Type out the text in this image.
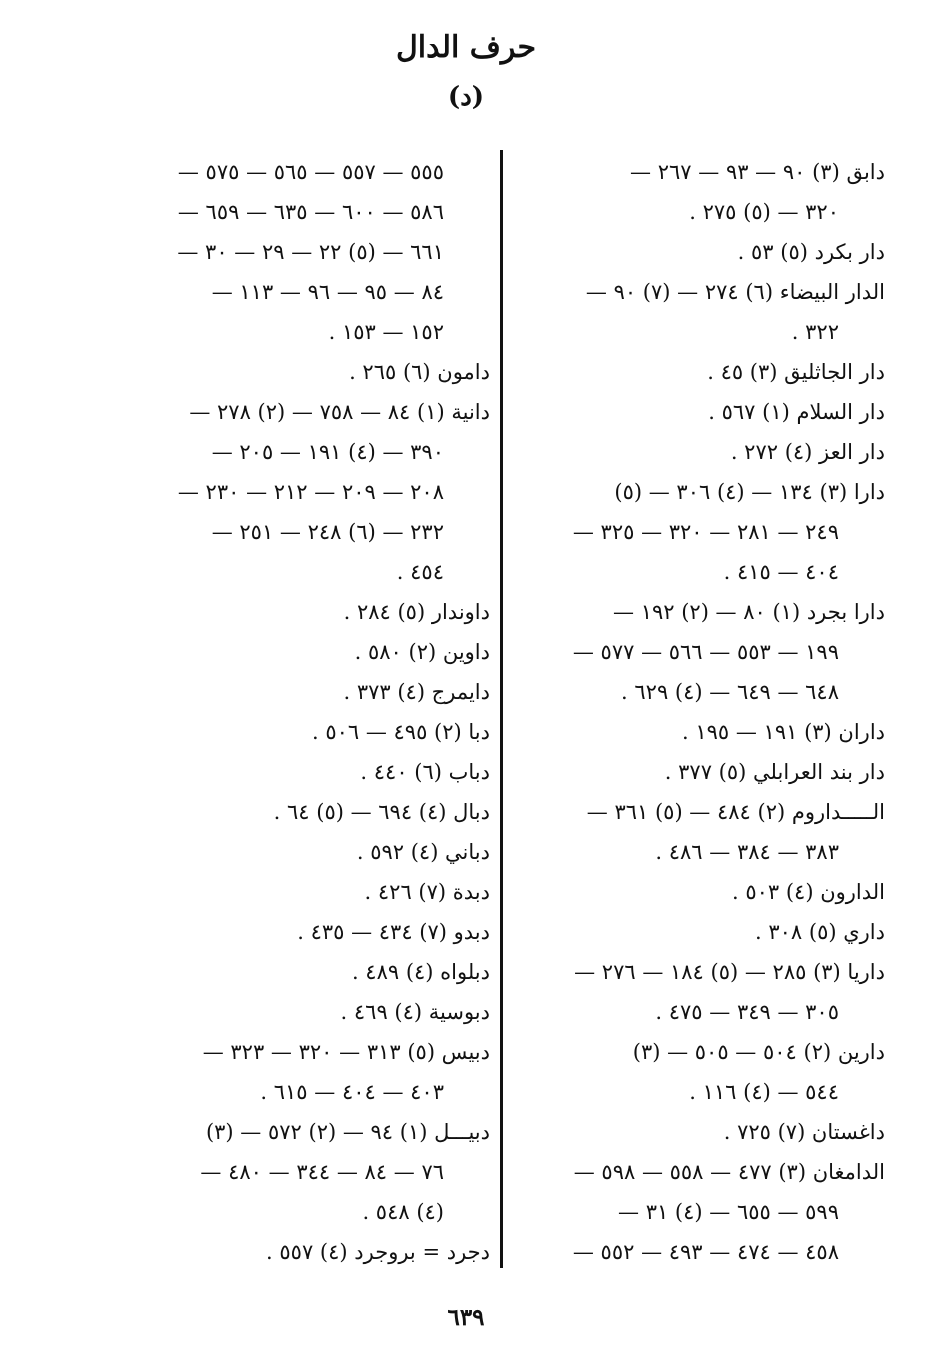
حرف الدال
(د)
دابق (٣) ٩٠ — ٩٣ — ٢٦٧ —
٣٢٠ — (٥) ٢٧٥ .
دار بكرد (٥) ٥٣ .
الدار البيضاء (٦) ٢٧٤ — (٧) ٩٠ —
٣٢٢ .
دار الجاثليق (٣) ٤٥ .
دار السلام (١) ٥٦٧ .
دار العز (٤) ٢٧٢ .
دارا (٣) ١٣٤ — (٤) ٣٠٦ — (٥)
٢٤٩ — ٢٨١ — ٣٢٠ — ٣٢٥ —
٤٠٤ — ٤١٥ .
دارا بجرد (١) ٨٠ — (٢) ١٩٢ —
١٩٩ — ٥٥٣ — ٥٦٦ — ٥٧٧ —
٦٤٨ — ٦٤٩ — (٤) ٦٢٩ .
داران (٣) ١٩١ — ١٩٥ .
دار بند العرابلي (٥) ٣٧٧ .
الـــــداروم (٢) ٤٨٤ — (٥) ٣٦١ —
٣٨٣ — ٣٨٤ — ٤٨٦ .
الدارون (٤) ٥٠٣ .
داري (٥) ٣٠٨ .
داريا (٣) ٢٨٥ — (٥) ١٨٤ — ٢٧٦ —
٣٠٥ — ٣٤٩ — ٤٧٥ .
دارين (٢) ٥٠٤ — ٥٠٥ — (٣)
٥٤٤ — (٤) ١١٦ .
داغستان (٧) ٧٢٥ .
الدامغان (٣) ٤٧٧ — ٥٥٨ — ٥٩٨ —
٥٩٩ — ٦٥٥ — (٤) ٣١ —
٤٥٨ — ٤٧٤ — ٤٩٣ — ٥٥٢ —
٥٥٥ — ٥٥٧ — ٥٦٥ — ٥٧٥ —
٥٨٦ — ٦٠٠ — ٦٣٥ — ٦٥٩ —
٦٦١ — (٥) ٢٢ — ٢٩ — ٣٠ —
٨٤ — ٩٥ — ٩٦ — ١١٣ —
١٥٢ — ١٥٣ .
دامون (٦) ٢٦٥ .
دانية (١) ٨٤ — ٧٥٨ — (٢) ٢٧٨ —
٣٩٠ — (٤) ١٩١ — ٢٠٥ —
٢٠٨ — ٢٠٩ — ٢١٢ — ٢٣٠ —
٢٣٢ — (٦) ٢٤٨ — ٢٥١ —
٤٥٤ .
داوندار (٥) ٢٨٤ .
داوين (٢) ٥٨٠ .
دايمرج (٤) ٣٧٣ .
دبا (٢) ٤٩٥ — ٥٠٦ .
دباب (٦) ٤٤٠ .
دبال (٤) ٦٩٤ — (٥) ٦٤ .
دباني (٤) ٥٩٢ .
دبدة (٧) ٤٢٦ .
دبدو (٧) ٤٣٤ — ٤٣٥ .
دبلواه (٤) ٤٨٩ .
دبوسية (٤) ٤٦٩ .
دبيس (٥) ٣١٣ — ٣٢٠ — ٣٢٣ —
٤٠٣ — ٤٠٤ — ٦١٥ .
دبيـــل (١) ٩٤ — (٢) ٥٧٢ — (٣)
٧٦ — ٨٤ — ٣٤٤ — ٤٨٠ —
(٤) ٥٤٨ .
دجرد = بروجرد (٤) ٥٥٧ .
٦٣٩
